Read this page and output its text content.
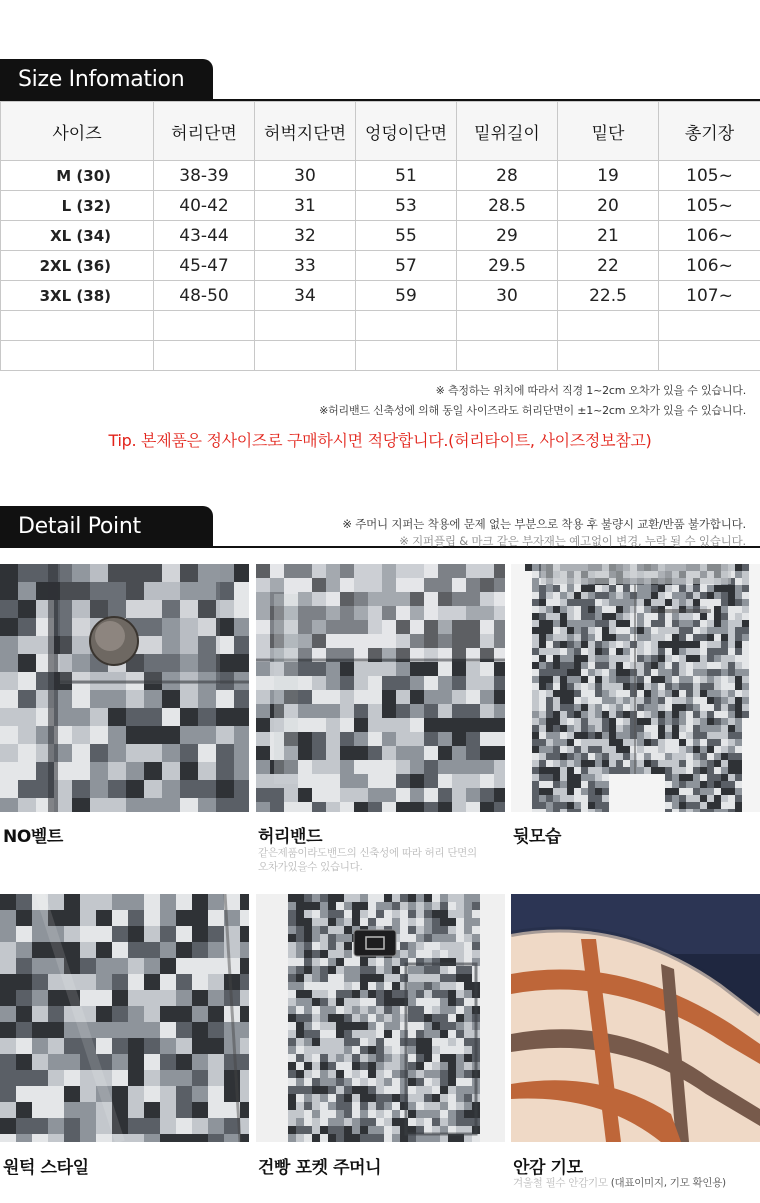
Size Infomation
사이즈	허리단면	허벅지단면	엉덩이단면	밑위길이	밑단	총기장
M (30)	38-39	30	51	28	19	105~
L (32)	40-42	31	53	28.5	20	105~
XL (34)	43-44	32	55	29	21	106~
2XL (36)	45-47	33	57	29.5	22	106~
3XL (38)	48-50	34	59	30	22.5	107~

※ 측정하는 위치에 따라서 직경 1~2cm 오차가 있을 수 있습니다.
※허리밴드 신축성에 의해 동일 사이즈라도 허리단면이 ±1~2cm 오차가 있을 수 있습니다.
Tip. 본제품은 정사이즈로 구매하시면 적당합니다.(허리타이트, 사이즈정보참고)
Detail Point	※ 주머니 지퍼는 착용에 문제 없는 부분으로 착용 후 불량시 교환/반품 불가합니다.
※ 지퍼플립 & 마크 같은 부자재는 예고없이 변경, 누락 될 수 있습니다.
NO벨트	허리밴드
같은제품이라도밴드의 신축성에 따라 허리 단면의
오차가있을수 있습니다.
뒷모습
원턱 스타일	건빵 포켓 주머니	안감 기모
겨울철 필수 안감기모 (대표이미지, 기모 확인용)
